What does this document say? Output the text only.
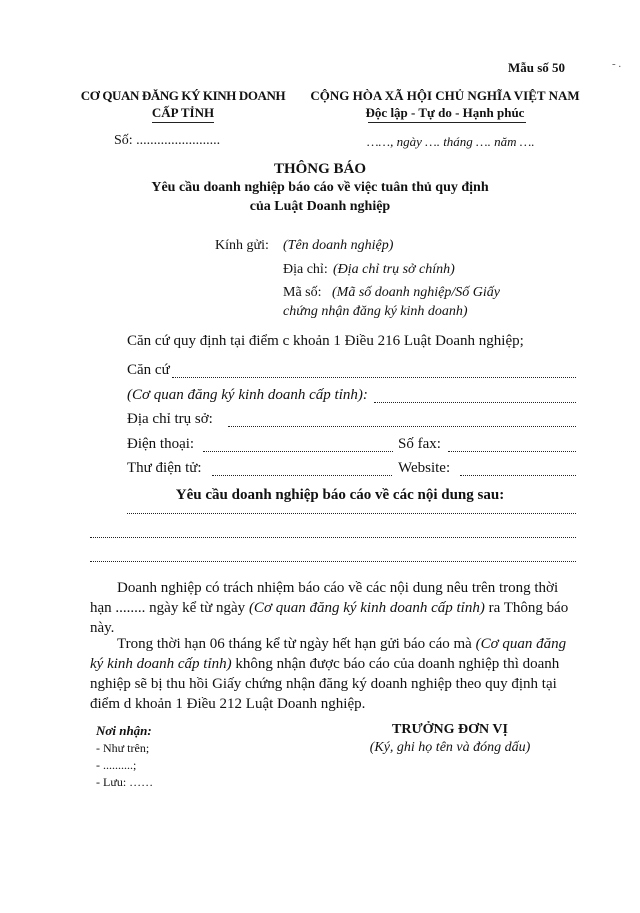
Mẫu số 50	- .
CƠ QUAN ĐĂNG KÝ KINH DOANH
CẤP TỈNH
CỘNG HÒA XÃ HỘI CHỦ NGHĨA VIỆT NAM
Độc lập - Tự do - Hạnh phúc
Số: ........................	……, ngày …. tháng …. năm ….
THÔNG BÁO
Yêu cầu doanh nghiệp báo cáo về việc tuân thủ quy định
của Luật Doanh nghiệp
Kính gửi: (Tên doanh nghiệp)
Địa chỉ: (Địa chỉ trụ sở chính)
Mã số: (Mã số doanh nghiệp/Số Giấy
chứng nhận đăng ký kinh doanh)
Căn cứ quy định tại điểm c khoản 1 Điều 216 Luật Doanh nghiệp;
Căn cứ
(Cơ quan đăng ký kinh doanh cấp tỉnh):
Địa chỉ trụ sở:
Điện thoại:	Số fax:
Thư điện tử:	Website:
Yêu cầu doanh nghiệp báo cáo về các nội dung sau:
Doanh nghiệp có trách nhiệm báo cáo về các nội dung nêu trên trong thời hạn ........ ngày kể từ ngày (Cơ quan đăng ký kinh doanh cấp tỉnh) ra Thông báo này.
Trong thời hạn 06 tháng kể từ ngày hết hạn gửi báo cáo mà (Cơ quan đăng ký kinh doanh cấp tỉnh) không nhận được báo cáo của doanh nghiệp thì doanh nghiệp sẽ bị thu hồi Giấy chứng nhận đăng ký doanh nghiệp theo quy định tại điểm d khoản 1 Điều 212 Luật Doanh nghiệp.
Nơi nhận:
- Như trên;
- ..........;
- Lưu: ……
TRƯỞNG ĐƠN VỊ
(Ký, ghi họ tên và đóng dấu)
